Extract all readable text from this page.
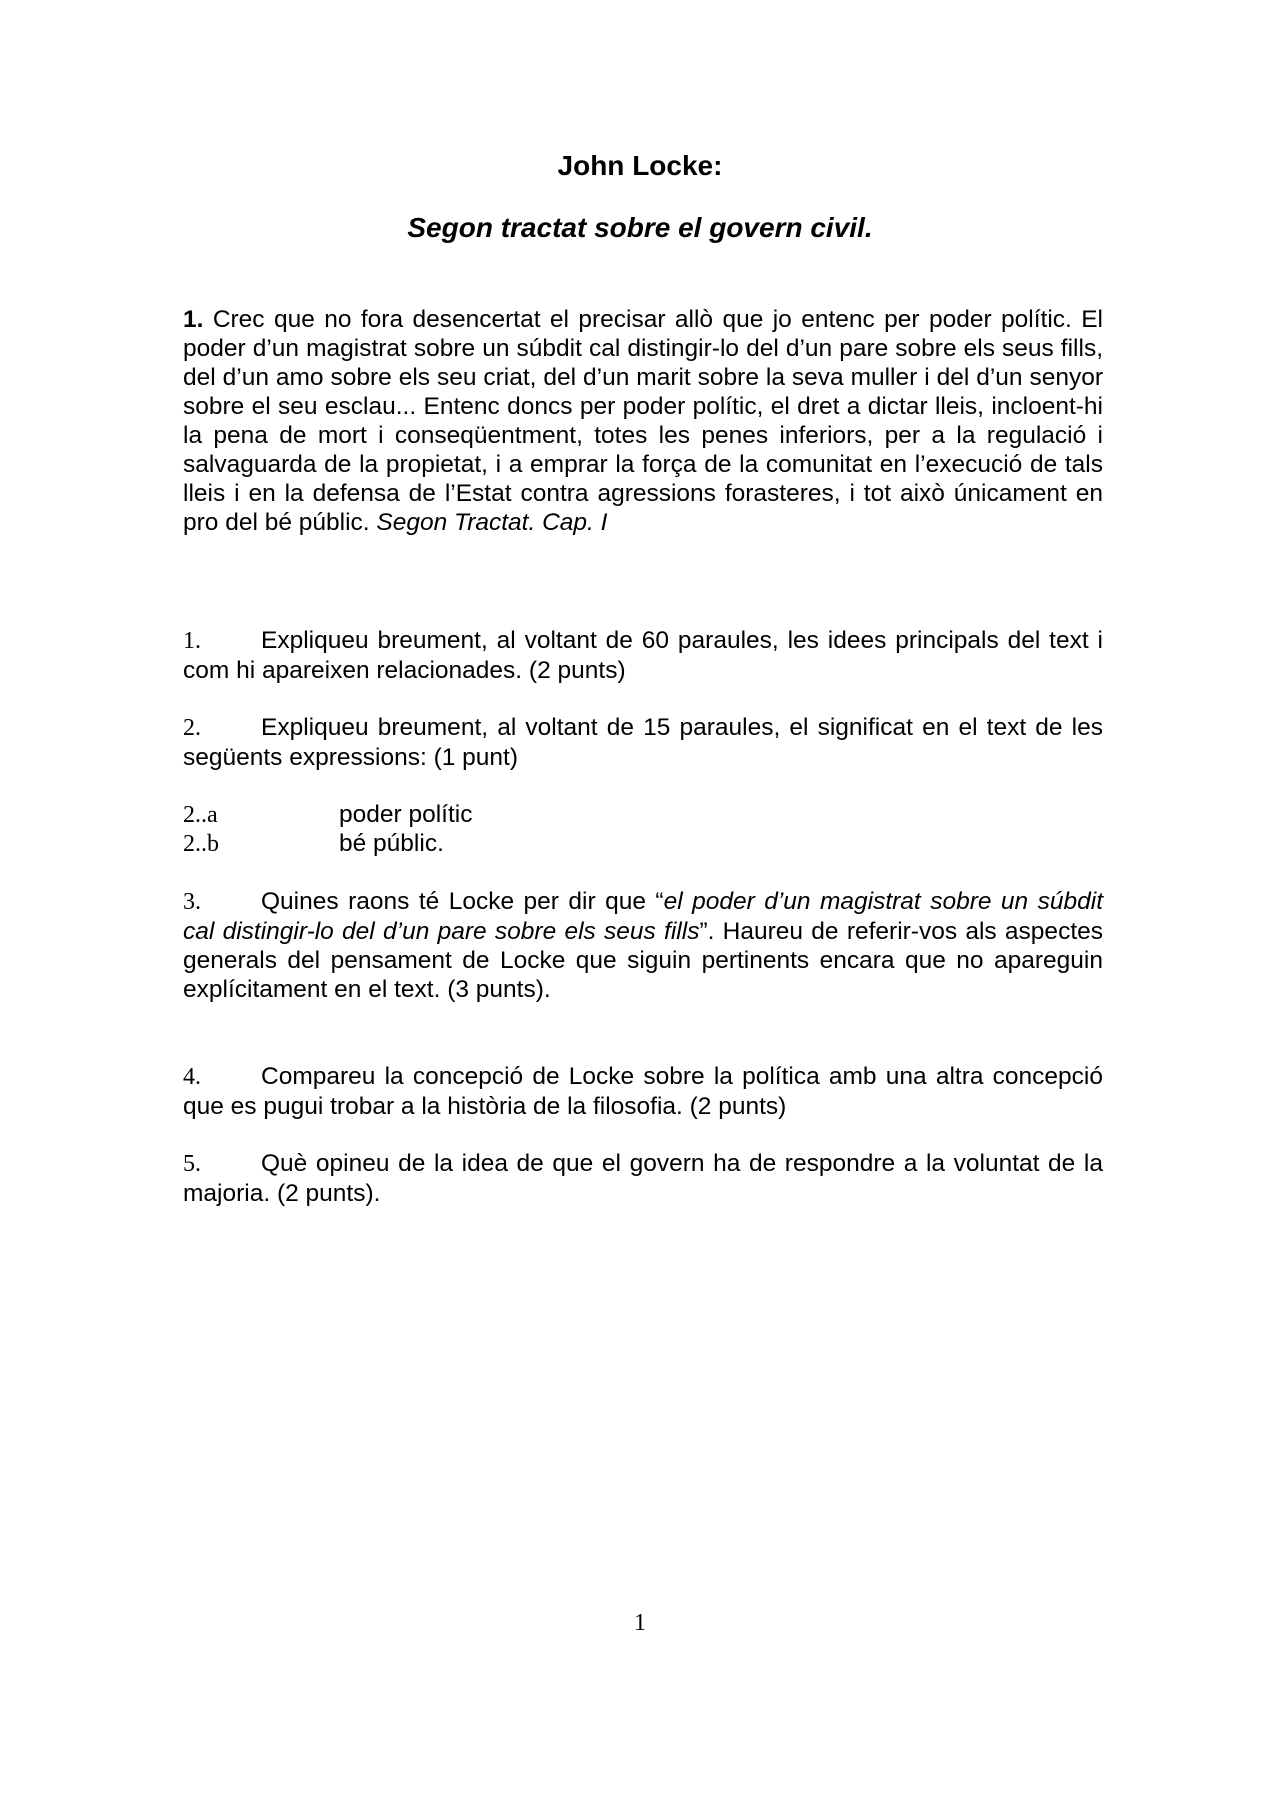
John Locke:
Segon tractat sobre el govern civil.

1. Crec que no fora desencertat el precisar allò que jo entenc per poder polític. El poder d’un magistrat sobre un súbdit cal distingir-lo del d’un pare sobre els seus fills, del d’un amo sobre els seu criat, del d’un marit sobre la seva muller i del d’un senyor sobre el seu esclau... Entenc doncs per poder polític, el dret a dictar lleis, incloent-hi la pena de mort i conseqüentment, totes les penes inferiors, per a la regulació i salvaguarda de la propietat, i a emprar la força de la comunitat en l’execució de tals lleis i en la defensa de l’Estat contra agressions forasteres, i tot això únicament en pro del bé públic. Segon Tractat. Cap. I

1. Expliqueu breument, al voltant de 60 paraules, les idees principals del text i com hi apareixen relacionades. (2 punts)

2. Expliqueu breument, al voltant de 15 paraules, el significat en el text de les següents expressions: (1 punt)

2..a	poder polític
2..b	bé públic.

3. Quines raons té Locke per dir que “el poder d’un magistrat sobre un súbdit cal distingir-lo del d’un pare sobre els seus fills”. Haureu de referir-vos als aspectes generals del pensament de Locke que siguin pertinents encara que no apareguin explícitament en el text. (3 punts).

4. Compareu la concepció de Locke sobre la política amb una altra concepció que es pugui trobar a la història de la filosofia. (2 punts)

5. Què opineu de la idea de que el govern ha de respondre a la voluntat de la majoria. (2 punts).

1
